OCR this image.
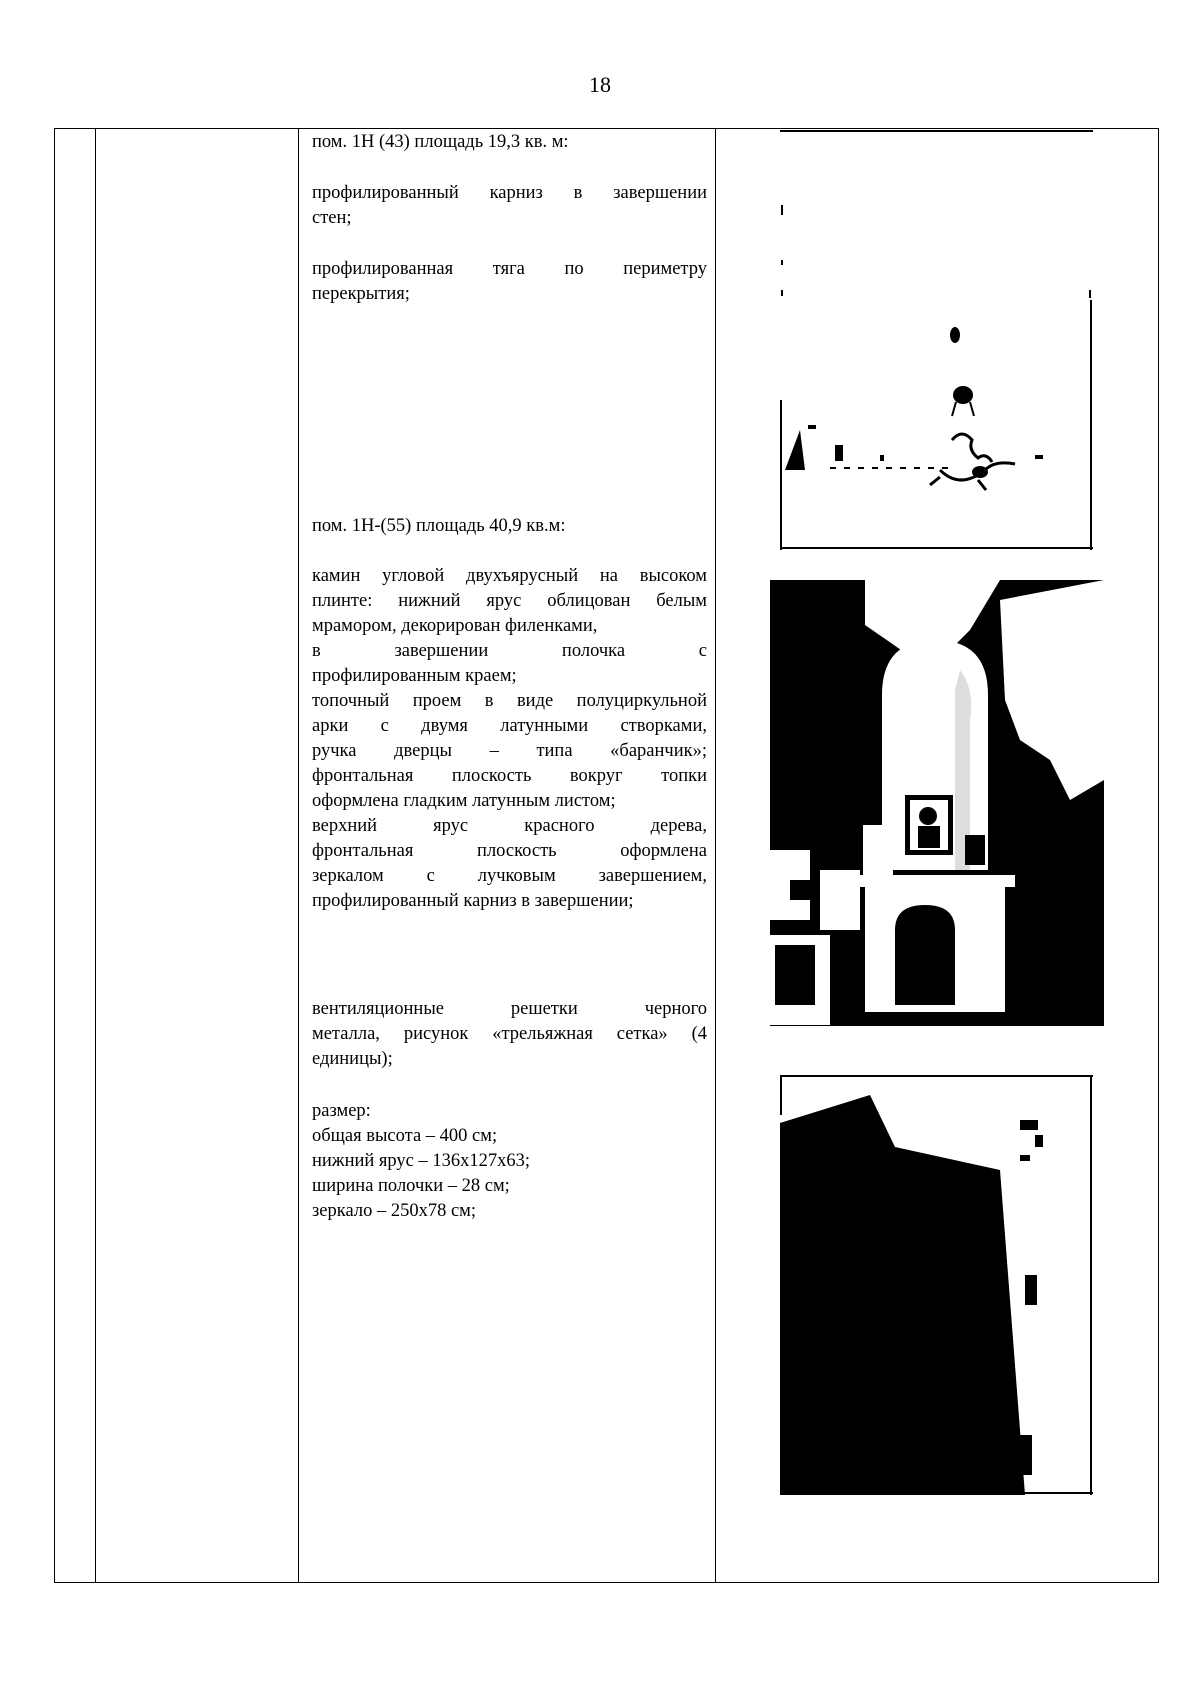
18
пом. 1Н (43) площадь 19,3 кв. м:
профилированный карниз в завершении
стен;
профилированная тяга по периметру
перекрытия;
пом. 1Н-(55) площадь 40,9 кв.м:
камин угловой двухъярусный на высоком
плинте: нижний ярус облицован белым
мрамором, декорирован филенками,
в завершении полочка с
профилированным краем;
топочный проем в виде полуциркульной
арки с двумя латунными створками,
ручка дверцы – типа «баранчик»;
фронтальная плоскость вокруг топки
оформлена гладким латунным листом;
верхний ярус красного дерева,
фронтальная плоскость оформлена
зеркалом с лучковым завершением,
профилированный карниз в завершении;
вентиляционные решетки черного
металла, рисунок «трельяжная сетка» (4
единицы);
размер:
общая высота – 400 см;
нижний ярус – 136х127х63;
ширина полочки – 28 см;
зеркало – 250х78 см;
